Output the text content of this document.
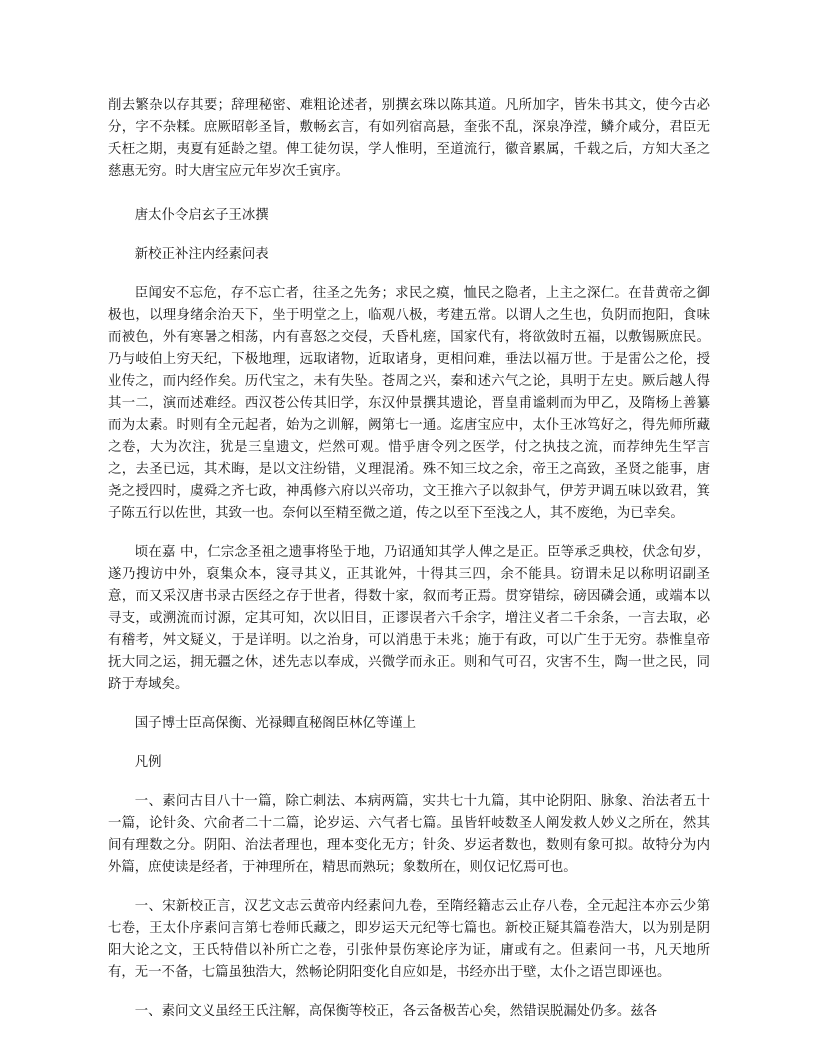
削去繁杂以存其要；辞理秘密、难粗论述者，别撰玄珠以陈其道。凡所加字，皆朱书其文，使今古必分，字不杂糅。庶厥昭彰圣旨，敷畅玄言，有如列宿高悬，奎张不乱，深泉净滢，鳞介咸分，君臣无夭枉之期，夷夏有延龄之望。俾工徒勿误，学人惟明，至道流行，徽音累属，千载之后，方知大圣之慈惠无穷。时大唐宝应元年岁次壬寅序。

唐太仆令启玄子王冰撰

新校正补注内经素问表

臣闻安不忘危，存不忘亡者，往圣之先务；求民之瘼，恤民之隐者，上主之深仁。在昔黄帝之御极也，以理身绪余治天下，坐于明堂之上，临观八极，考建五常。以谓人之生也，负阴而抱阳，食味而被色，外有寒暑之相荡，内有喜怒之交侵，夭昏札瘥，国家代有，将欲敛时五福，以敷锡厥庶民。乃与岐伯上穷天纪，下极地理，远取诸物，近取诸身，更相问难，垂法以福万世。于是雷公之伦，授业传之，而内经作矣。历代宝之，未有失坠。苍周之兴，秦和述六气之论，具明于左史。厥后越人得其一二，演而述难经。西汉苍公传其旧学，东汉仲景撰其遗论，晋皇甫谧刺而为甲乙，及隋杨上善纂而为太素。时则有全元起者，始为之训解，阙第七一通。迄唐宝应中，太仆王冰笃好之，得先师所藏之卷，大为次注，犹是三皇遗文，烂然可观。惜乎唐令列之医学，付之执技之流，而荐绅先生罕言之，去圣已远，其术晦，是以文注纷错，义理混淆。殊不知三坟之余，帝王之高致，圣贤之能事，唐尧之授四时，虞舜之齐七政，神禹修六府以兴帝功，文王推六子以叙卦气，伊芳尹调五味以致君，箕子陈五行以佐世，其致一也。奈何以至精至微之道，传之以至下至浅之人，其不废绝，为已幸矣。

顷在嘉 中，仁宗念圣祖之遗事将坠于地，乃诏通知其学人俾之是正。臣等承乏典校，伏念旬岁，遂乃搜访中外，裒集众本，寖寻其义，正其讹舛，十得其三四，余不能具。窃谓未足以称明诏副圣意，而又采汉唐书录古医经之存于世者，得数十家，叙而考正焉。贯穿错综，磅因磷会通，或端本以寻支，或溯流而讨源，定其可知，次以旧目，正谬误者六千余字，增注义者二千余条，一言去取，必有稽考，舛文疑义，于是详明。以之治身，可以消患于未兆；施于有政，可以广生于无穷。恭惟皇帝抚大同之运，拥无疆之休，述先志以奉成，兴微学而永正。则和气可召，灾害不生，陶一世之民，同跻于寿域矣。

国子博士臣高保衡、光禄卿直秘阁臣林亿等谨上

凡例

一、素问古目八十一篇，除亡刺法、本病两篇，实共七十九篇，其中论阴阳、脉象、治法者五十一篇，论针灸、穴俞者二十二篇，论岁运、六气者七篇。虽皆轩岐数圣人阐发救人妙义之所在，然其间有理数之分。阴阳、治法者理也，理本变化无方；针灸、岁运者数也，数则有象可拟。故特分为内外篇，庶使读是经者，于神理所在，精思而熟玩；象数所在，则仅记忆焉可也。

一、宋新校正言，汉艺文志云黄帝内经素问九卷，至隋经籍志云止存八卷，全元起注本亦云少第七卷，王太仆序素问言第七卷师氏藏之，即岁运天元纪等七篇也。新校正疑其篇卷浩大，以为别是阴阳大论之文，王氏特借以补所亡之卷，引张仲景伤寒论序为证，庸或有之。但素问一书，凡天地所有，无一不备，七篇虽独浩大，然畅论阴阳变化自应如是，书经亦出于壁，太仆之语岂即诬也。

一、素问文义虽经王氏注解，高保衡等校正，各云备极苦心矣，然错误脱漏处仍多。兹各
